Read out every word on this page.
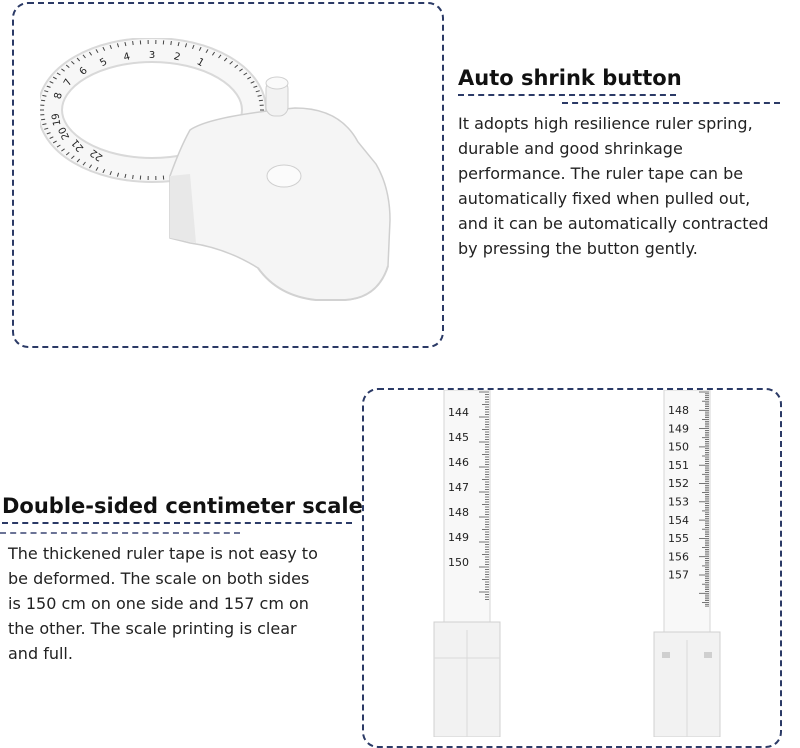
1
2
3
4
5
6
7
8
19
20
21
22
Auto shrink button
It adopts high resilience ruler spring,
durable and good shrinkage
performance. The ruler tape can be
automatically fixed when pulled out,
and it can be automatically contracted
by pressing the button gently.
Double-sided centimeter scale
The thickened ruler tape is not easy to
be deformed. The scale on both sides
is 150 cm on one side and 157 cm on
the other. The scale printing is clear
and full.
144
145
146
147
148
149
150
148
149
150
151
152
153
154
155
156
157
